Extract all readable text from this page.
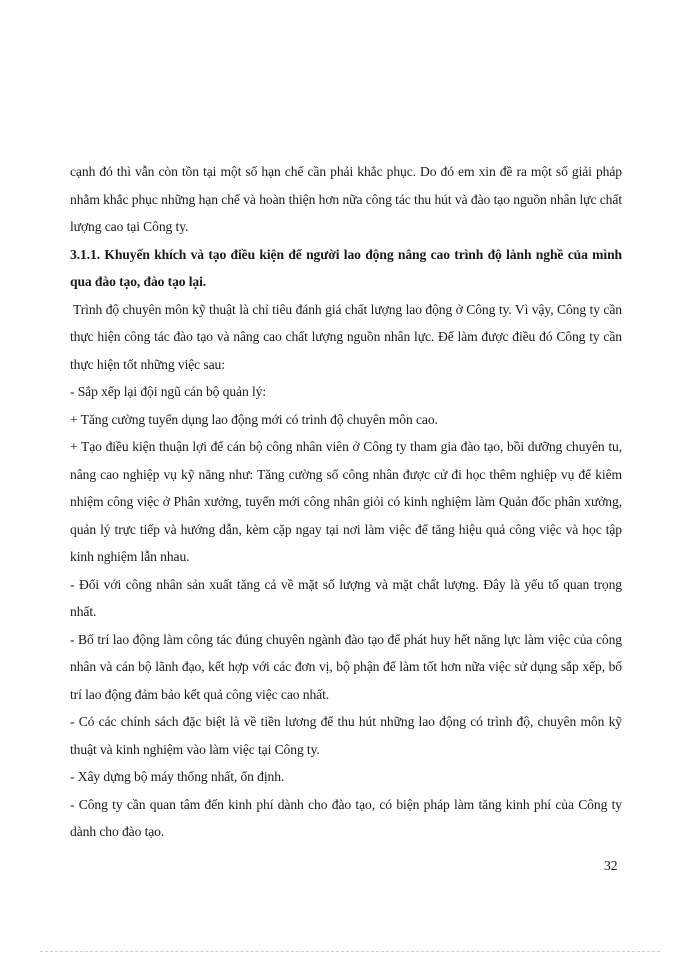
cạnh đó thì vẫn còn tồn tại một số hạn chế cần phải khắc phục. Do đó em xin đề ra một số giải pháp nhằm khắc phục những hạn chế và hoàn thiện hơn nữa công tác thu hút và đào tạo nguồn nhân lực chất lượng cao tại Công ty.

3.1.1. Khuyến khích và tạo điều kiện để người lao động nâng cao trình độ lành nghề của mình qua đào tạo, đào tạo lại.

Trình độ chuyên môn kỹ thuật là chỉ tiêu đánh giá chất lượng lao động ở Công ty. Vì vậy, Công ty cần thực hiện công tác đào tạo và nâng cao chất lượng nguồn nhân lực. Để làm được điều đó Công ty cần thực hiện tốt những việc sau:

- Sắp xếp lại đội ngũ cán bộ quản lý:

+ Tăng cường tuyển dụng lao động mới có trình độ chuyên môn cao.

+ Tạo điều kiện thuận lợi để cán bộ công nhân viên ở Công ty tham gia đào tạo, bồi dưỡng chuyên tu, nâng cao nghiệp vụ kỹ năng như: Tăng cường số công nhân được cử đi học thêm nghiệp vụ để kiêm nhiệm công việc ở Phân xưởng, tuyển mới công nhân giỏi có kinh nghiệm làm Quản đốc phân xưởng, quản lý trực tiếp và hướng dẫn, kèm cặp ngay tại nơi làm việc để tăng hiệu quả công việc và học tập kinh nghiệm lẫn nhau.

- Đối với công nhân sản xuất tăng cả về mặt số lượng và mặt chất lượng. Đây là yếu tố quan trọng nhất.

- Bố trí lao động làm công tác đúng chuyên ngành đào tạo để phát huy hết năng lực làm việc của công nhân và cán bộ lãnh đạo, kết hợp với các đơn vị, bộ phận để làm tốt hơn nữa việc sử dụng sắp xếp, bố trí lao động đảm bảo kết quả công việc cao nhất.

- Có các chính sách đặc biệt là về tiền lương để thu hút những lao động có trình độ, chuyên môn kỹ thuật và kinh nghiệm vào làm việc tại Công ty.

- Xây dựng bộ máy thống nhất, ổn định.

- Công ty cần quan tâm đến kinh phí dành cho đào tạo, có biện pháp làm tăng kinh phí của Công ty dành cho đào tạo.

32
